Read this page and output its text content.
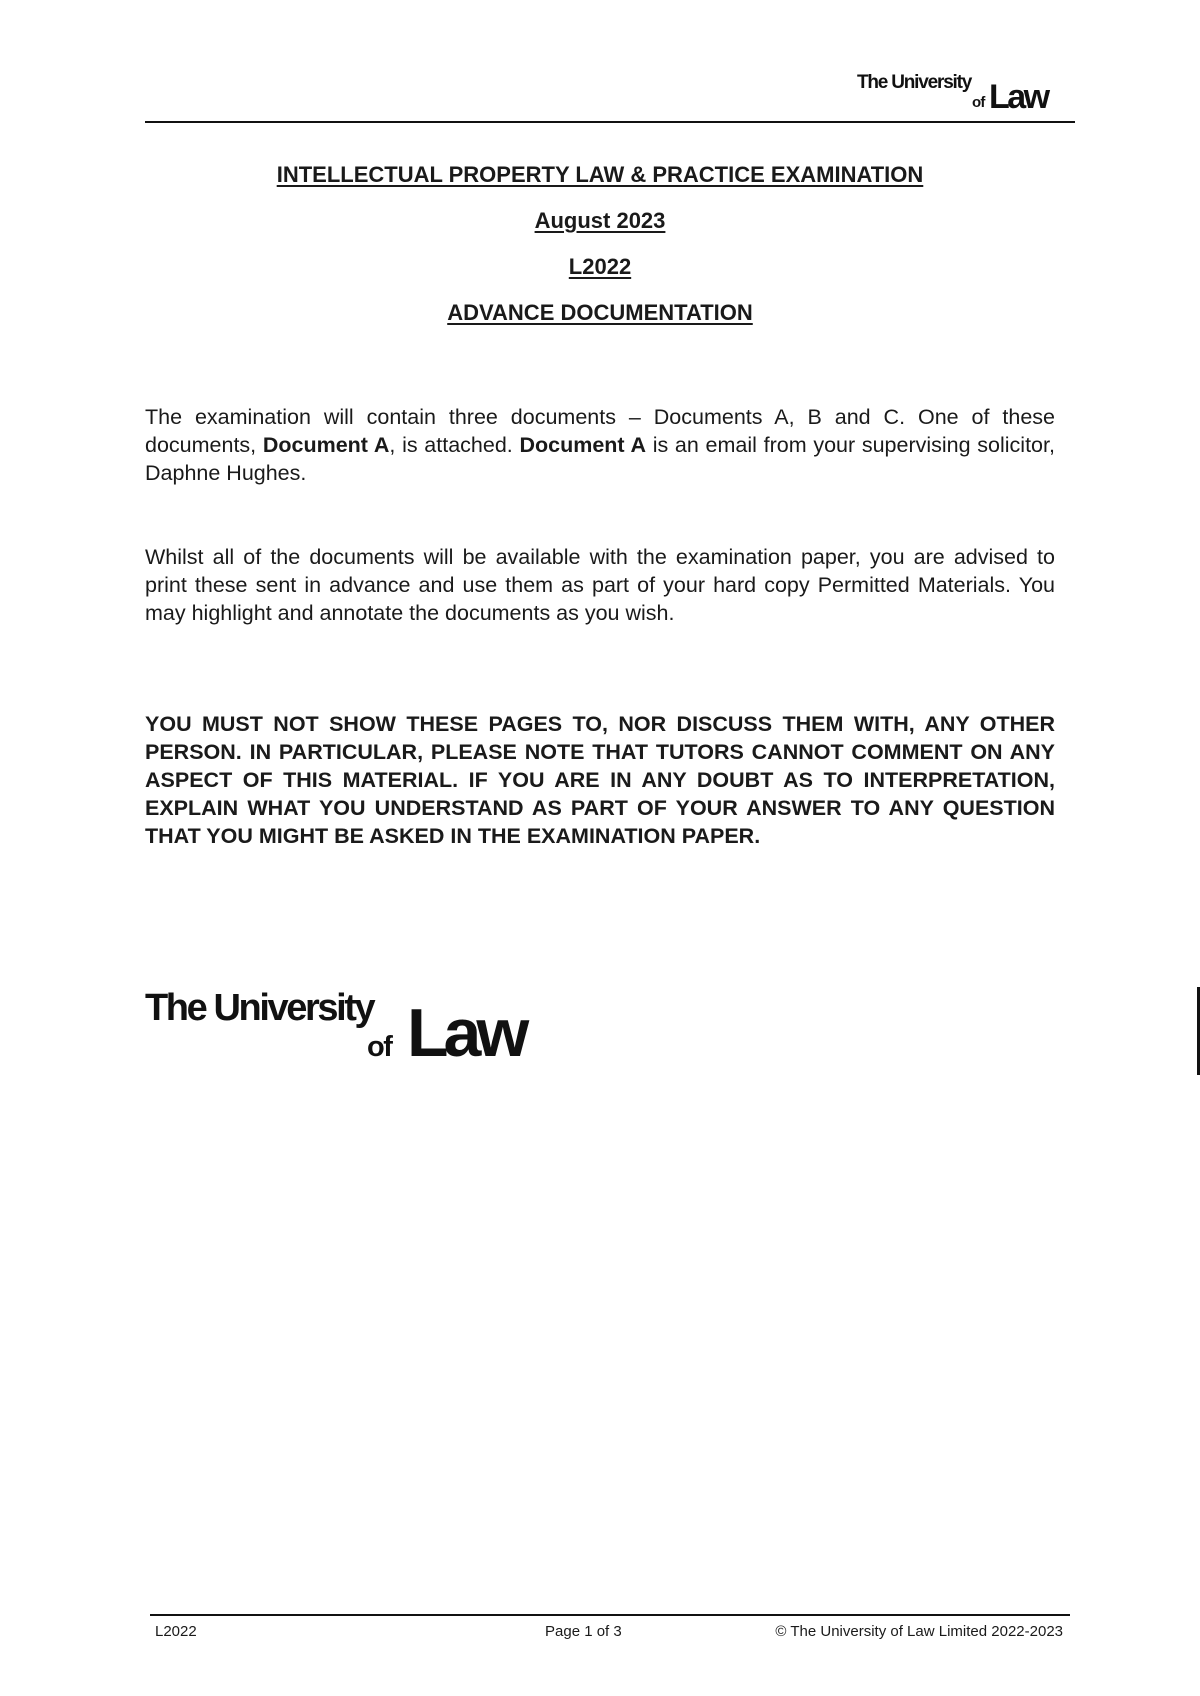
The University
of Law
INTELLECTUAL PROPERTY LAW & PRACTICE EXAMINATION
August 2023
L2022
ADVANCE DOCUMENTATION

The examination will contain three documents – Documents A, B and C. One of these documents, Document A, is attached. Document A is an email from your supervising solicitor, Daphne Hughes.

Whilst all of the documents will be available with the examination paper, you are advised to print these sent in advance and use them as part of your hard copy Permitted Materials. You may highlight and annotate the documents as you wish.

YOU MUST NOT SHOW THESE PAGES TO, NOR DISCUSS THEM WITH, ANY OTHER PERSON. IN PARTICULAR, PLEASE NOTE THAT TUTORS CANNOT COMMENT ON ANY ASPECT OF THIS MATERIAL. IF YOU ARE IN ANY DOUBT AS TO INTERPRETATION, EXPLAIN WHAT YOU UNDERSTAND AS PART OF YOUR ANSWER TO ANY QUESTION THAT YOU MIGHT BE ASKED IN THE EXAMINATION PAPER.

The University
of Law
L2022	Page 1 of 3	© The University of Law Limited 2022-2023
